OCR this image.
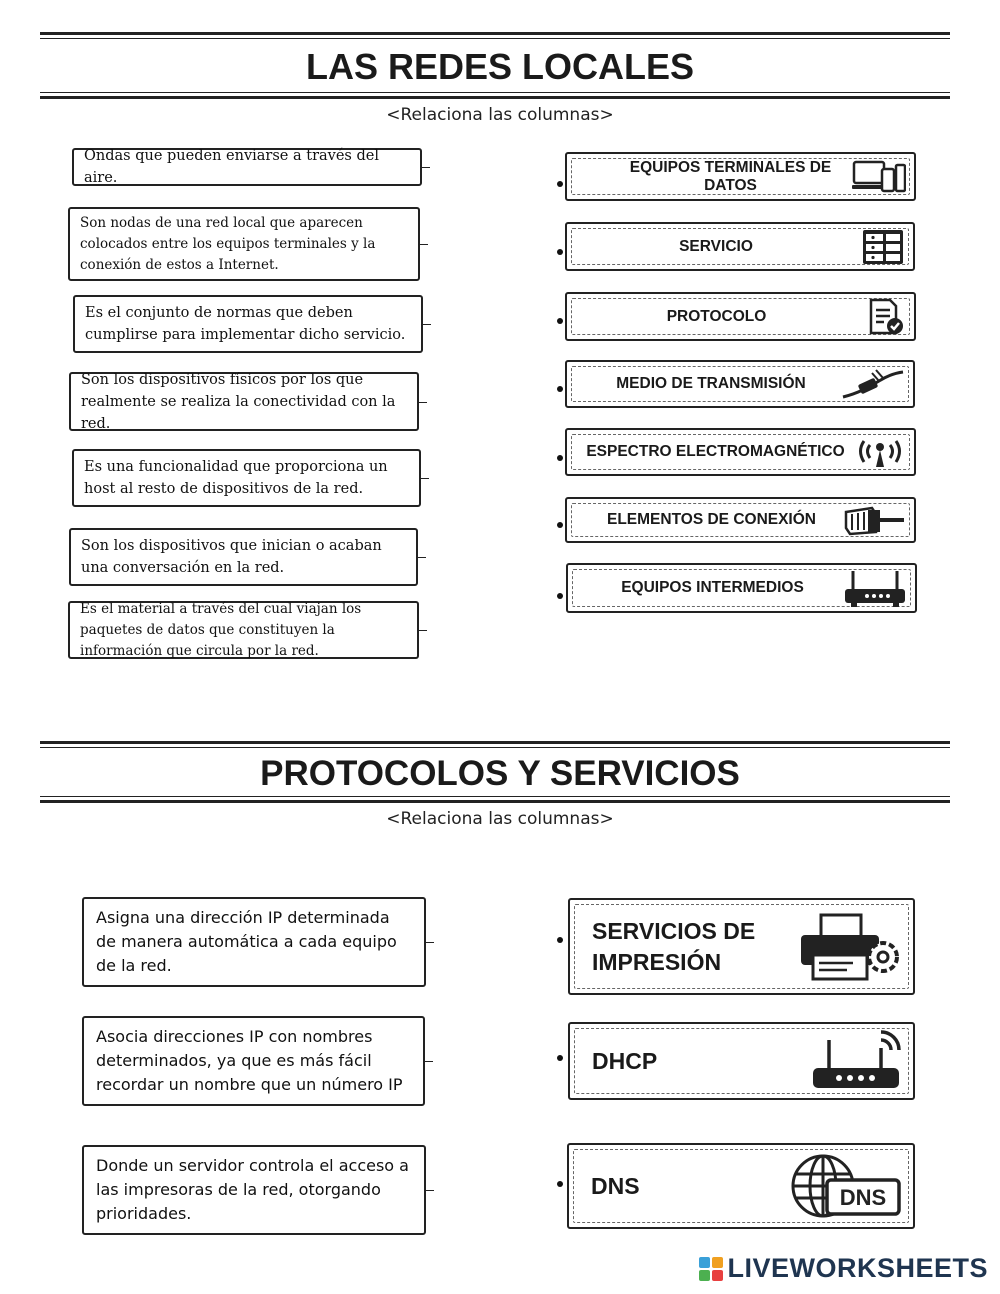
LAS REDES LOCALES
<Relaciona las columnas>
Ondas que pueden enviarse a través del aire.
Son nodas de una red local que aparecen colocados entre los equipos terminales y la conexión de estos a Internet.
Es el conjunto de normas que deben cumplirse para implementar dicho servicio.
Son los dispositivos físicos por los que realmente se realiza la conectividad con la red.
Es una funcionalidad que proporciona un host al resto de dispositivos de la red.
Son los dispositivos que inician o acaban una conversación en la red.
Es el material a través del cual viajan los paquetes de datos que constituyen la información que circula por la red.
EQUIPOS TERMINALES DE DATOS
SERVICIO
PROTOCOLO
MEDIO DE TRANSMISIÓN
ESPECTRO ELECTROMAGNÉTICO
ELEMENTOS DE CONEXIÓN
EQUIPOS INTERMEDIOS
PROTOCOLOS Y SERVICIOS
<Relaciona las columnas>
Asigna una dirección IP determinada de manera automática a cada equipo de la red.
Asocia direcciones IP con nombres determinados, ya que es más fácil recordar un nombre que un número IP
Donde un servidor controla el acceso a las impresoras de la red, otorgando prioridades.
SERVICIOS DE IMPRESIÓN
DHCP
DNS	DNS
LIVEWORKSHEETS
